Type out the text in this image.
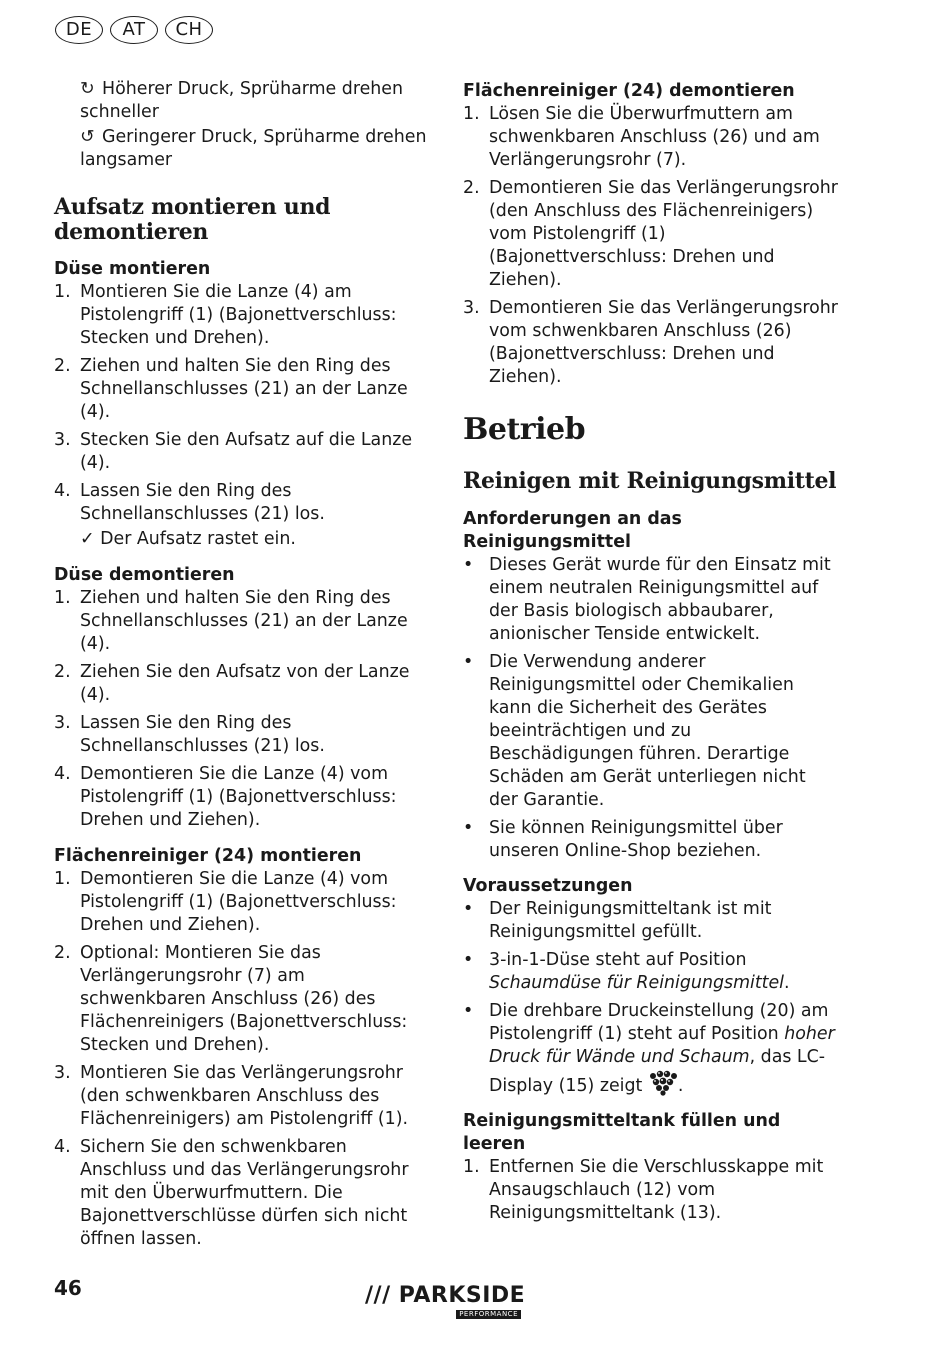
DE	AT	CH
↻ Höherer Druck, Sprüharme drehen schneller
↺ Geringerer Druck, Sprüharme drehen langsamer
Aufsatz montieren und demontieren
Düse montieren
1. Montieren Sie die Lanze (4) am Pistolengriff (1) (Bajonettverschluss: Stecken und Drehen).
2. Ziehen und halten Sie den Ring des Schnellanschlusses (21) an der Lanze (4).
3. Stecken Sie den Aufsatz auf die Lanze (4).
4. Lassen Sie den Ring des Schnellanschlusses (21) los.
✓ Der Aufsatz rastet ein.
Düse demontieren
1. Ziehen und halten Sie den Ring des Schnellanschlusses (21) an der Lanze (4).
2. Ziehen Sie den Aufsatz von der Lanze (4).
3. Lassen Sie den Ring des Schnellanschlusses (21) los.
4. Demontieren Sie die Lanze (4) vom Pistolengriff (1) (Bajonettverschluss: Drehen und Ziehen).
Flächenreiniger (24) montieren
1. Demontieren Sie die Lanze (4) vom Pistolengriff (1) (Bajonettverschluss: Drehen und Ziehen).
2. Optional: Montieren Sie das Verlängerungsrohr (7) am schwenkbaren Anschluss (26) des Flächenreinigers (Bajonettverschluss: Stecken und Drehen).
3. Montieren Sie das Verlängerungsrohr (den schwenkbaren Anschluss des Flächenreinigers) am Pistolengriff (1).
4. Sichern Sie den schwenkbaren Anschluss und das Verlängerungsrohr mit den Überwurfmuttern. Die Bajonettverschlüsse dürfen sich nicht öffnen lassen.
Flächenreiniger (24) demontieren
1. Lösen Sie die Überwurfmuttern am schwenkbaren Anschluss (26) und am Verlängerungsrohr (7).
2. Demontieren Sie das Verlängerungsrohr (den Anschluss des Flächenreinigers) vom Pistolengriff (1) (Bajonettverschluss: Drehen und Ziehen).
3. Demontieren Sie das Verlängerungsrohr vom schwenkbaren Anschluss (26) (Bajonettverschluss: Drehen und Ziehen).
Betrieb
Reinigen mit Reinigungsmittel
Anforderungen an das Reinigungsmittel
• Dieses Gerät wurde für den Einsatz mit einem neutralen Reinigungsmittel auf der Basis biologisch abbaubarer, anionischer Tenside entwickelt.
• Die Verwendung anderer Reinigungsmittel oder Chemikalien kann die Sicherheit des Gerätes beeinträchtigen und zu Beschädigungen führen. Derartige Schäden am Gerät unterliegen nicht der Garantie.
• Sie können Reinigungsmittel über unseren Online-Shop beziehen.
Voraussetzungen
• Der Reinigungsmitteltank ist mit Reinigungsmittel gefüllt.
• 3-in-1-Düse steht auf Position Schaumdüse für Reinigungsmittel.
• Die drehbare Druckeinstellung (20) am Pistolengriff (1) steht auf Position hoher Druck für Wände und Schaum, das LC-Display (15) zeigt .
Reinigungsmitteltank füllen und leeren
1. Entfernen Sie die Verschlusskappe mit Ansaugschlauch (12) vom Reinigungsmitteltank (13).
46	/// PARKSIDE
PERFORMANCE
